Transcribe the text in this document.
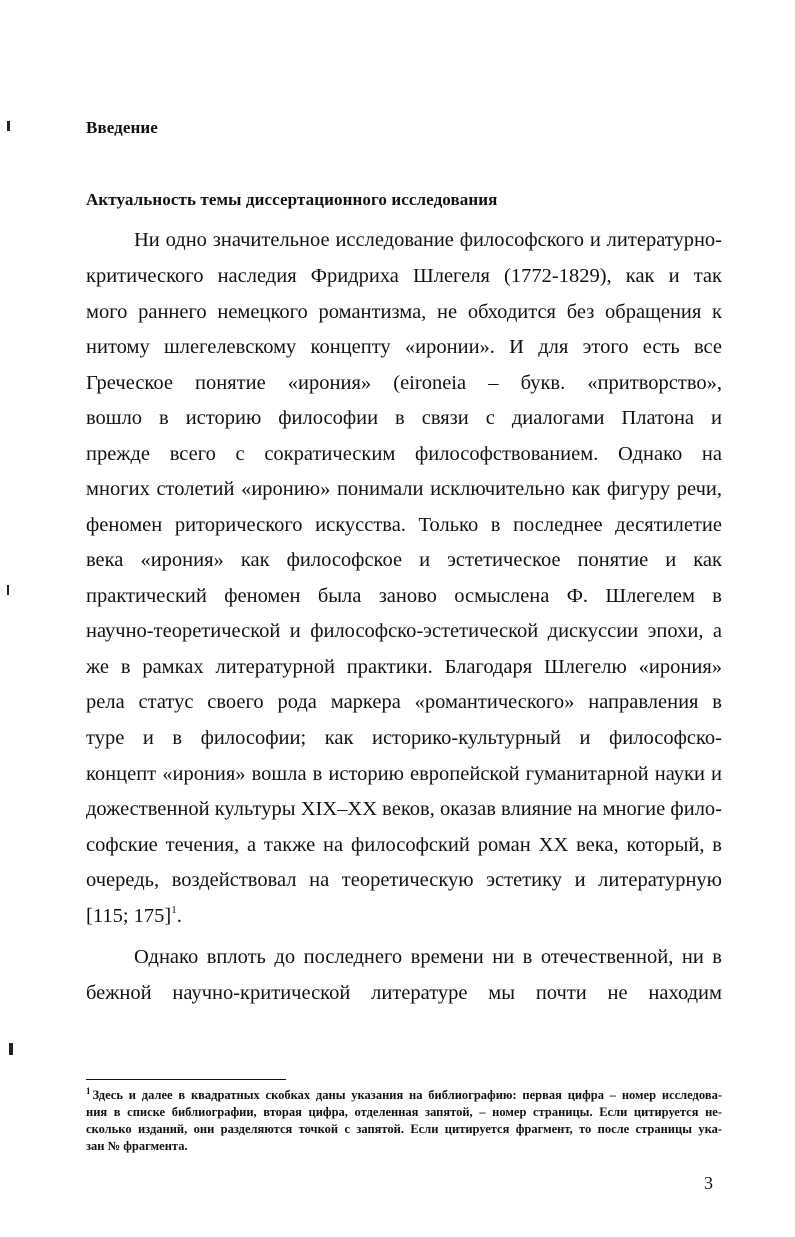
Введение
Актуальность темы диссертационного исследования
Ни одно значительное исследование философского и литературно-
критического наследия Фридриха Шлегеля (1772-1829), как и так
мого раннего немецкого романтизма, не обходится без обращения к
нитому шлегелевскому концепту «иронии». И для этого есть все
Греческое понятие «ирония» (eironeia – букв. «притворство»,
вошло в историю философии в связи с диалогами Платона и
прежде всего с сократическим философствованием. Однако на
многих столетий «иронию» понимали исключительно как фигуру речи,
феномен риторического искусства. Только в последнее десятилетие
века «ирония» как философское и эстетическое понятие и как
практический феномен была заново осмыслена Ф. Шлегелем в
научно-теоретической и философско-эстетической дискуссии эпохи, а
же в рамках литературной практики. Благодаря Шлегелю «ирония»
рела статус своего рода маркера «романтического» направления в
туре и в философии; как историко-культурный и философско-
концепт «ирония» вошла в историю европейской гуманитарной науки и
дожественной культуры XIX–XX веков, оказав влияние на многие фило-
софские течения, а также на философский роман XX века, который, в
очередь, воздействовал на теоретическую эстетику и литературную
[115; 175]$^1$.
Однако вплоть до последнего времени ни в отечественной, ни в
бежной научно-критической литературе мы почти не находим
$^1$ Здесь и далее в квадратных скобках даны указания на библиографию: первая цифра – номер исследова-
ния в списке библиографии, вторая цифра, отделенная запятой, – номер страницы. Если цитируется не-
сколько изданий, они разделяются точкой с запятой. Если цитируется фрагмент, то после страницы ука-
зан № фрагмента.
3
